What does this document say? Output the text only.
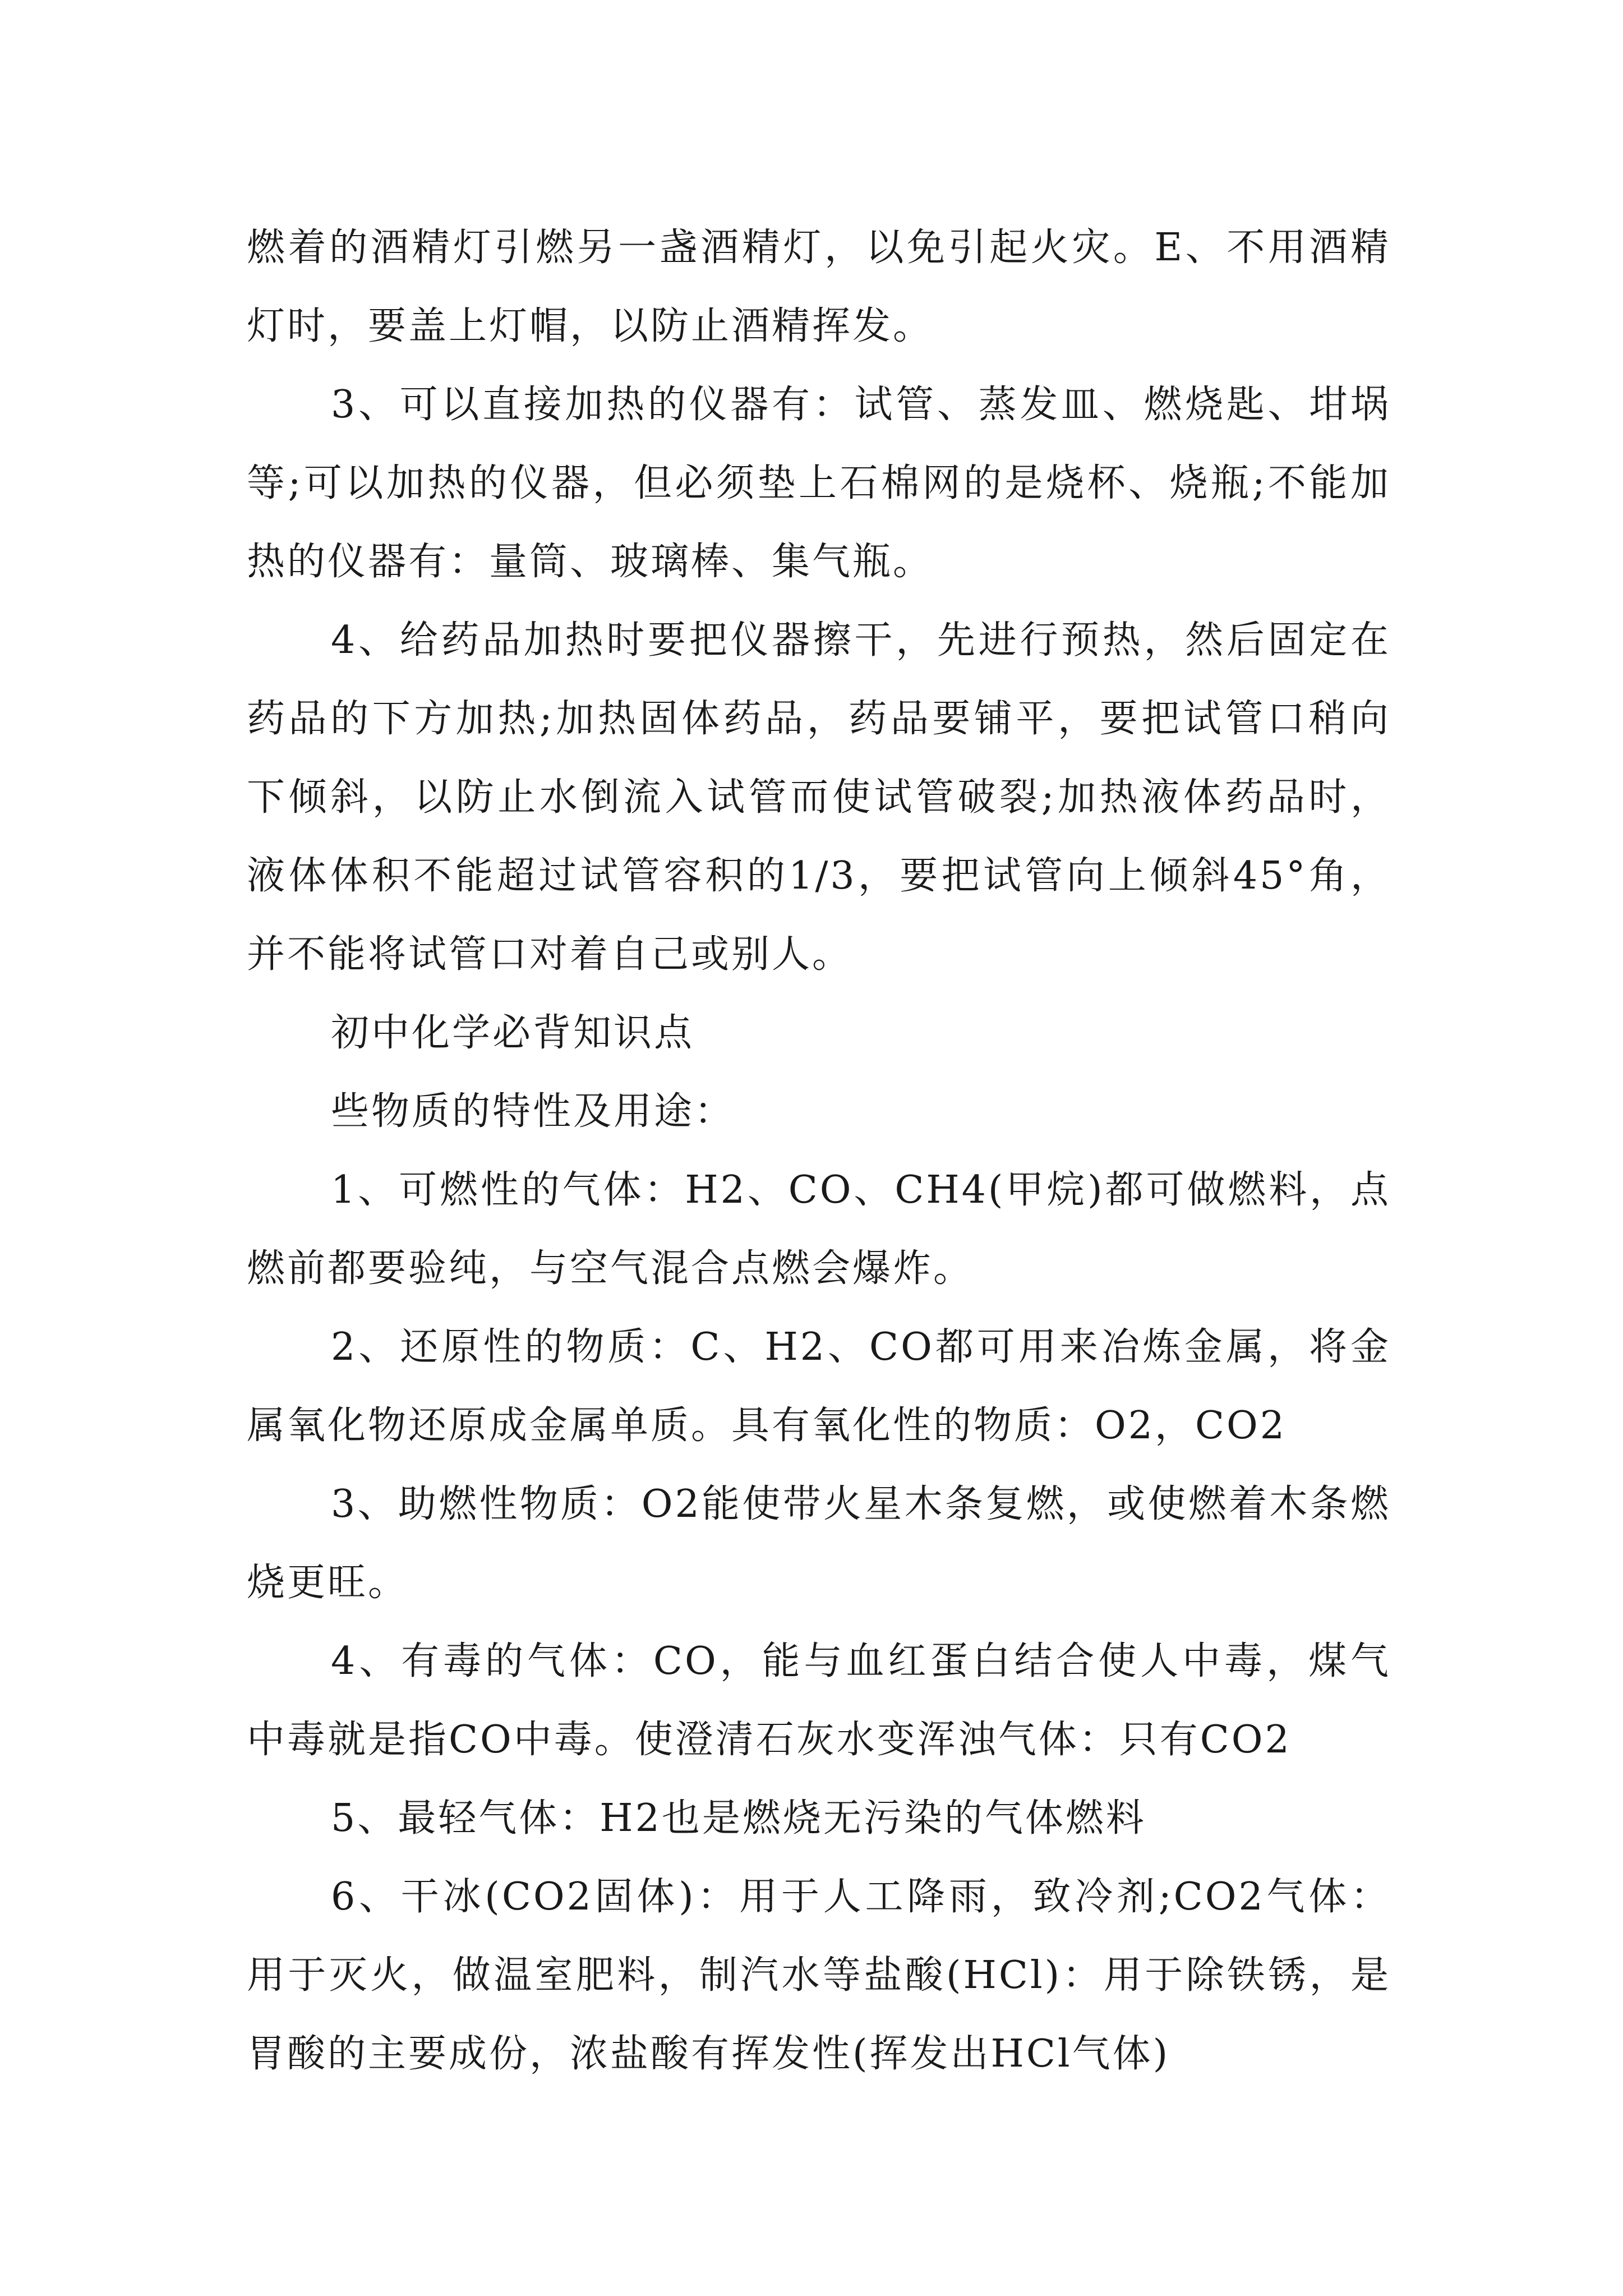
燃着的酒精灯引燃另一盏酒精灯，以免引起火灾。E、不用酒精灯时，要盖上灯帽，以防止酒精挥发。

3、可以直接加热的仪器有：试管、蒸发皿、燃烧匙、坩埚等;可以加热的仪器，但必须垫上石棉网的是烧杯、烧瓶;不能加热的仪器有：量筒、玻璃棒、集气瓶。

4、给药品加热时要把仪器擦干，先进行预热，然后固定在药品的下方加热;加热固体药品，药品要铺平，要把试管口稍向下倾斜，以防止水倒流入试管而使试管破裂;加热液体药品时，液体体积不能超过试管容积的1/3，要把试管向上倾斜45°角，并不能将试管口对着自己或别人。

初中化学必背知识点

些物质的特性及用途：

1、可燃性的气体：H2、CO、CH4(甲烷)都可做燃料，点燃前都要验纯，与空气混合点燃会爆炸。

2、还原性的物质：C、H2、CO都可用来冶炼金属，将金属氧化物还原成金属单质。具有氧化性的物质：O2，CO2

3、助燃性物质：O2能使带火星木条复燃，或使燃着木条燃烧更旺。

4、有毒的气体：CO，能与血红蛋白结合使人中毒，煤气中毒就是指CO中毒。使澄清石灰水变浑浊气体：只有CO2

5、最轻气体：H2也是燃烧无污染的气体燃料

6、干冰(CO2固体)：用于人工降雨，致冷剂;CO2气体：用于灭火，做温室肥料，制汽水等盐酸(HCl)：用于除铁锈，是胃酸的主要成份，浓盐酸有挥发性(挥发出HCl气体)
